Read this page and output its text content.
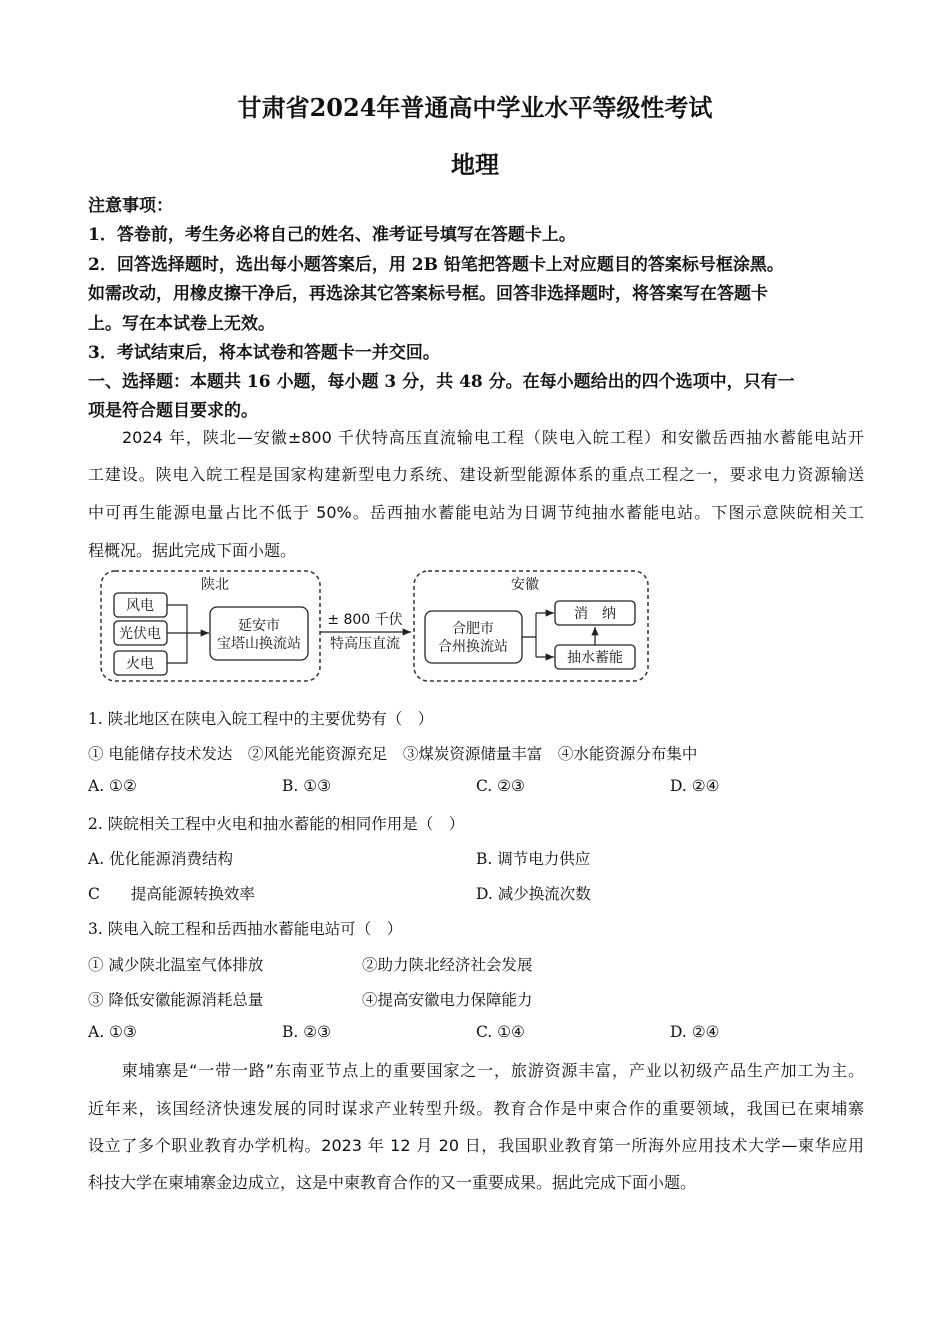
甘肃省2024年普通高中学业水平等级性考试
地理
注意事项：
1．答卷前，考生务必将自己的姓名、准考证号填写在答题卡上。
2．回答选择题时，选出每小题答案后，用 2B 铅笔把答题卡上对应题目的答案标号框涂黑。
如需改动，用橡皮擦干净后，再选涂其它答案标号框。回答非选择题时，将答案写在答题卡
上。写在本试卷上无效。
3．考试结束后，将本试卷和答题卡一并交回。
一、选择题：本题共 16 小题，每小题 3 分，共 48 分。在每小题给出的四个选项中，只有一
项是符合题目要求的。
　　2024 年，陕北—安徽±800 千伏特高压直流输电工程（陕电入皖工程）和安徽岳西抽水蓄能电站开
工建设。陕电入皖工程是国家构建新型电力系统、建设新型能源体系的重点工程之一，要求电力资源输送
中可再生能源电量占比不低于 50%。岳西抽水蓄能电站为日调节纯抽水蓄能电站。下图示意陕皖相关工
程概况。据此完成下面小题。
陕北	安徽
风电
光伏电
火电
延安市
宝塔山换流站
± 800 千伏
特高压直流
合肥市
合州换流站
消　纳
抽水蓄能
1. 陕北地区在陕电入皖工程中的主要优势有（　）
① 电能储存技术发达　②风能光能资源充足　③煤炭资源储量丰富　④水能资源分布集中
A. ①②	B. ①③	C. ②③	D. ②④
2. 陕皖相关工程中火电和抽水蓄能的相同作用是（　）
A. 优化能源消费结构	B. 调节电力供应
C　　提高能源转换效率	D. 减少换流次数
3. 陕电入皖工程和岳西抽水蓄能电站可（　）
① 减少陕北温室气体排放	②助力陕北经济社会发展
③ 降低安徽能源消耗总量	④提高安徽电力保障能力
A. ①③	B. ②③	C. ①④	D. ②④
　　柬埔寨是“一带一路”东南亚节点上的重要国家之一，旅游资源丰富，产业以初级产品生产加工为主。
近年来，该国经济快速发展的同时谋求产业转型升级。教育合作是中柬合作的重要领域，我国已在柬埔寨
设立了多个职业教育办学机构。2023 年 12 月 20 日，我国职业教育第一所海外应用技术大学—柬华应用
科技大学在柬埔寨金边成立，这是中柬教育合作的又一重要成果。据此完成下面小题。
